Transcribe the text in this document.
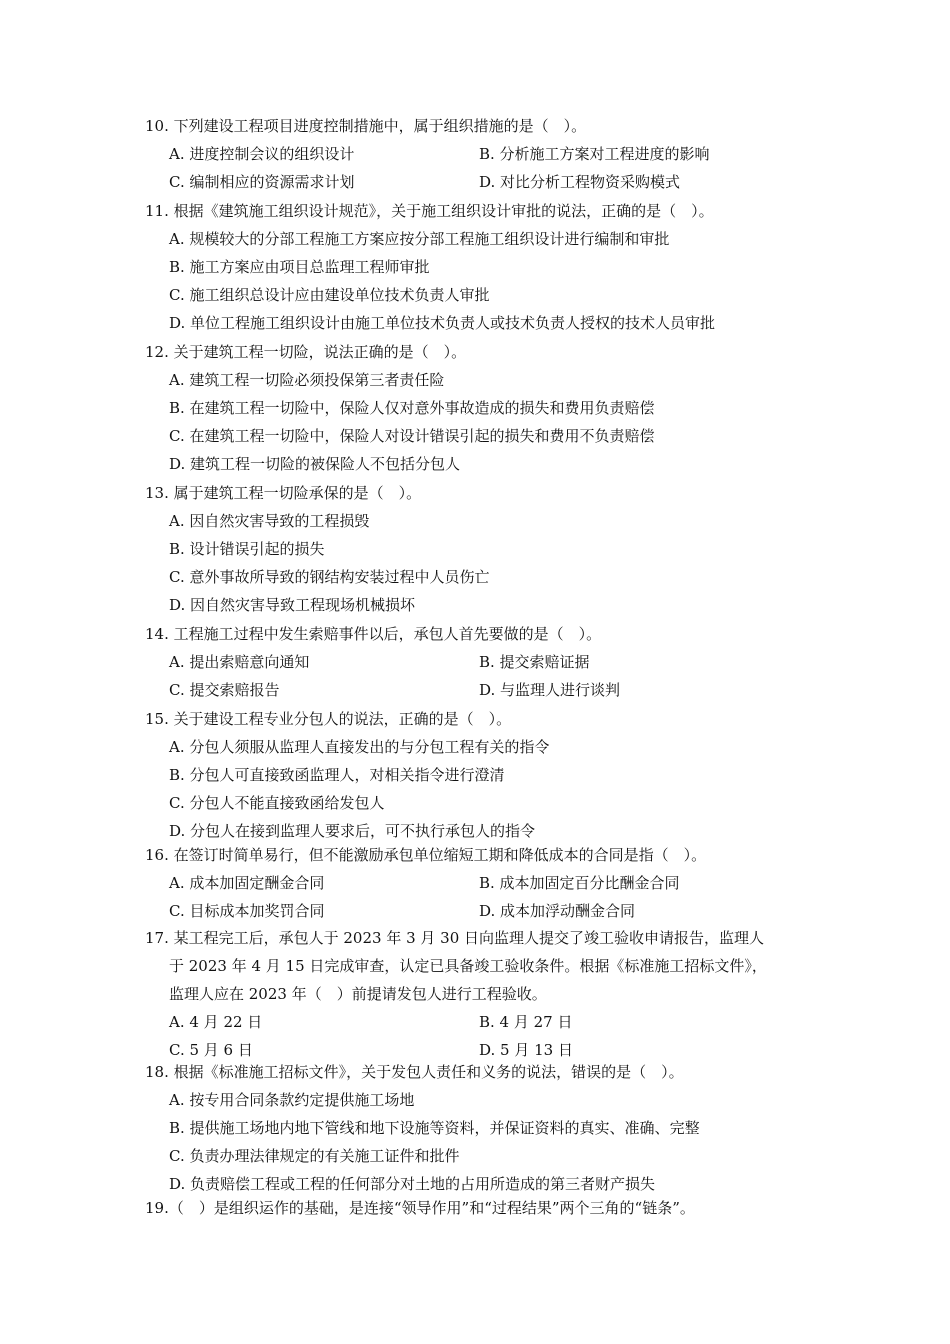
10. 下列建设工程项目进度控制措施中，属于组织措施的是（　）。
A. 进度控制会议的组织设计	B. 分析施工方案对工程进度的影响
C. 编制相应的资源需求计划	D. 对比分析工程物资采购模式
11. 根据《建筑施工组织设计规范》，关于施工组织设计审批的说法，正确的是（　）。
A. 规模较大的分部工程施工方案应按分部工程施工组织设计进行编制和审批
B. 施工方案应由项目总监理工程师审批
C. 施工组织总设计应由建设单位技术负责人审批
D. 单位工程施工组织设计由施工单位技术负责人或技术负责人授权的技术人员审批
12. 关于建筑工程一切险，说法正确的是（　）。
A. 建筑工程一切险必须投保第三者责任险
B. 在建筑工程一切险中，保险人仅对意外事故造成的损失和费用负责赔偿
C. 在建筑工程一切险中，保险人对设计错误引起的损失和费用不负责赔偿
D. 建筑工程一切险的被保险人不包括分包人
13. 属于建筑工程一切险承保的是（　）。
A. 因自然灾害导致的工程损毁
B. 设计错误引起的损失
C. 意外事故所导致的钢结构安装过程中人员伤亡
D. 因自然灾害导致工程现场机械损坏
14. 工程施工过程中发生索赔事件以后，承包人首先要做的是（　）。
A. 提出索赔意向通知	B. 提交索赔证据
C. 提交索赔报告	D. 与监理人进行谈判
15. 关于建设工程专业分包人的说法，正确的是（　）。
A. 分包人须服从监理人直接发出的与分包工程有关的指令
B. 分包人可直接致函监理人，对相关指令进行澄清
C. 分包人不能直接致函给发包人
D. 分包人在接到监理人要求后，可不执行承包人的指令
16. 在签订时简单易行，但不能激励承包单位缩短工期和降低成本的合同是指（　）。
A. 成本加固定酬金合同	B. 成本加固定百分比酬金合同
C. 目标成本加奖罚合同	D. 成本加浮动酬金合同
17. 某工程完工后，承包人于 2023 年 3 月 30 日向监理人提交了竣工验收申请报告，监理人
于 2023 年 4 月 15 日完成审查，认定已具备竣工验收条件。根据《标准施工招标文件》，
监理人应在 2023 年（　）前提请发包人进行工程验收。
A. 4 月 22 日	B. 4 月 27 日
C. 5 月 6 日	D. 5 月 13 日
18. 根据《标准施工招标文件》，关于发包人责任和义务的说法，错误的是（　）。
A. 按专用合同条款约定提供施工场地
B. 提供施工场地内地下管线和地下设施等资料，并保证资料的真实、准确、完整
C. 负责办理法律规定的有关施工证件和批件
D. 负责赔偿工程或工程的任何部分对土地的占用所造成的第三者财产损失
19.（　）是组织运作的基础，是连接“领导作用”和“过程结果”两个三角的“链条”。
